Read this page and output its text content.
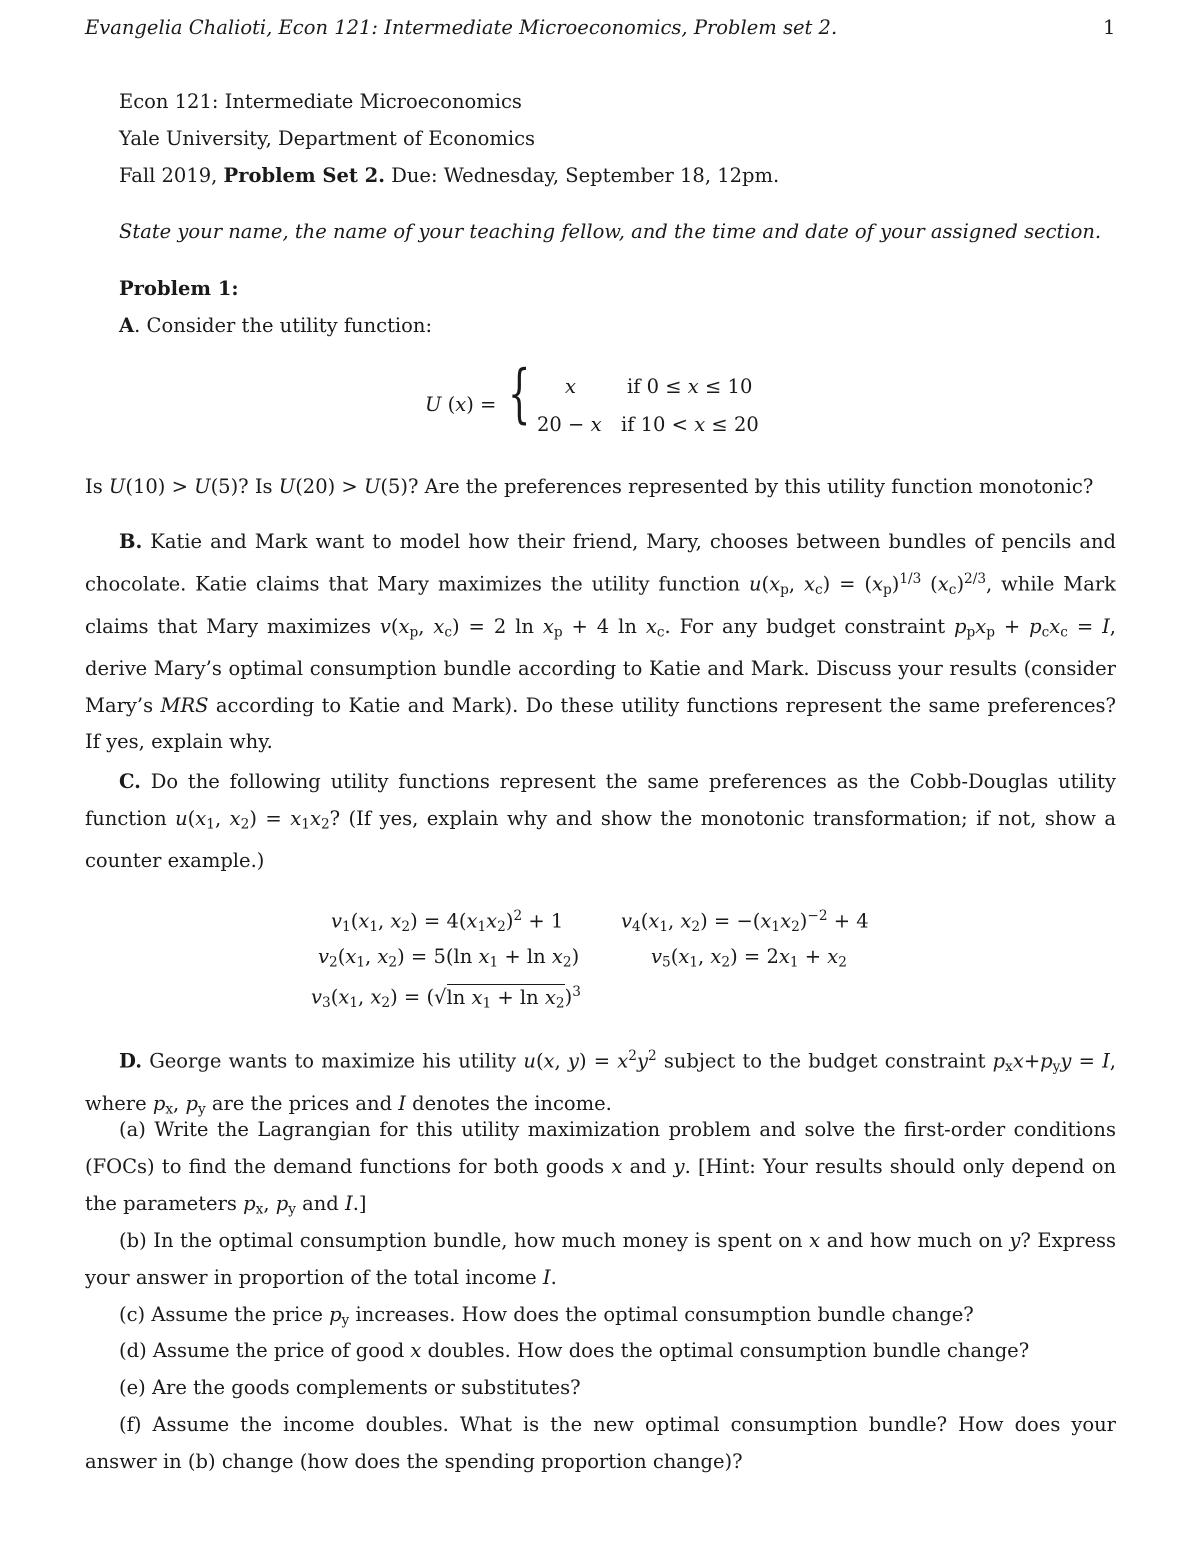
Evangelia Chalioti, Econ 121: Intermediate Microeconomics, Problem set 2.	1
Econ 121: Intermediate Microeconomics
Yale University, Department of Economics
Fall 2019, Problem Set 2. Due: Wednesday, September 18, 12pm.
State your name, the name of your teaching fellow, and the time and date of your assigned section.
Problem 1:
A. Consider the utility function:
U (x) = {	x	if 0 ≤ x ≤ 10
20 − x if 10 < x ≤ 20
Is U(10) > U(5)? Is U(20) > U(5)? Are the preferences represented by this utility function monotonic?
B. Katie and Mark want to model how their friend, Mary, chooses between bundles of pencils and chocolate. Katie claims that Mary maximizes the utility function $u(x_p$, $x_c) = (x_p)^{1/3}$ $(x_c)^{2/3}$, while Mark claims that Mary maximizes $v(x_p$, $x_c) = 2$ $\ln x_p + 4$ $\ln x_c$. For any budget constraint $p_px_p + p_cx_c = I$, derive Mary’s optimal consumption bundle according to Katie and Mark. Discuss your results (consider Mary’s MRS according to Katie and Mark). Do these utility functions represent the same preferences? If yes, explain why.
C. Do the following utility functions represent the same preferences as the Cobb-Douglas utility function $u(x_1$, $x_2) = x_1x_2$? (If yes, explain why and show the monotonic transformation; if not, show a counter example.)
$v_1(x_1$, $x_2) = 4(x_1x_2)^2 + 1$
$v_2(x_1$, $x_2) = 5(\ln$ $x_1 + \ln x_2$)
$v_3(x_1$, $x_2) = (√\ln$ $x_1 + \ln x_2)^3$
$v_4(x_1$, $x_2) = -(x_1x_2)^{-2} + 4$
$v_5(x_1$, $x_2) = 2x_1 + x_2$
D. George wants to maximize his utility u(x, $y) = x^2y^2$ subject to the budget constraint $p_xx+p_yy = I$, where $p_x$, $p_y$ are the prices and I denotes the income.
(a) Write the Lagrangian for this utility maximization problem and solve the first-order conditions (FOCs) to find the demand functions for both goods x and y. [Hint: Your results should only depend on the parameters $p_x$, $p_y$ and I.]
(b) In the optimal consumption bundle, how much money is spent on x and how much on y? Express your answer in proportion of the total income I.
(c) Assume the price $p_y$ increases. How does the optimal consumption bundle change?
(d) Assume the price of good x doubles. How does the optimal consumption bundle change?
(e) Are the goods complements or substitutes?
(f) Assume the income doubles. What is the new optimal consumption bundle? How does your answer in (b) change (how does the spending proportion change)?
